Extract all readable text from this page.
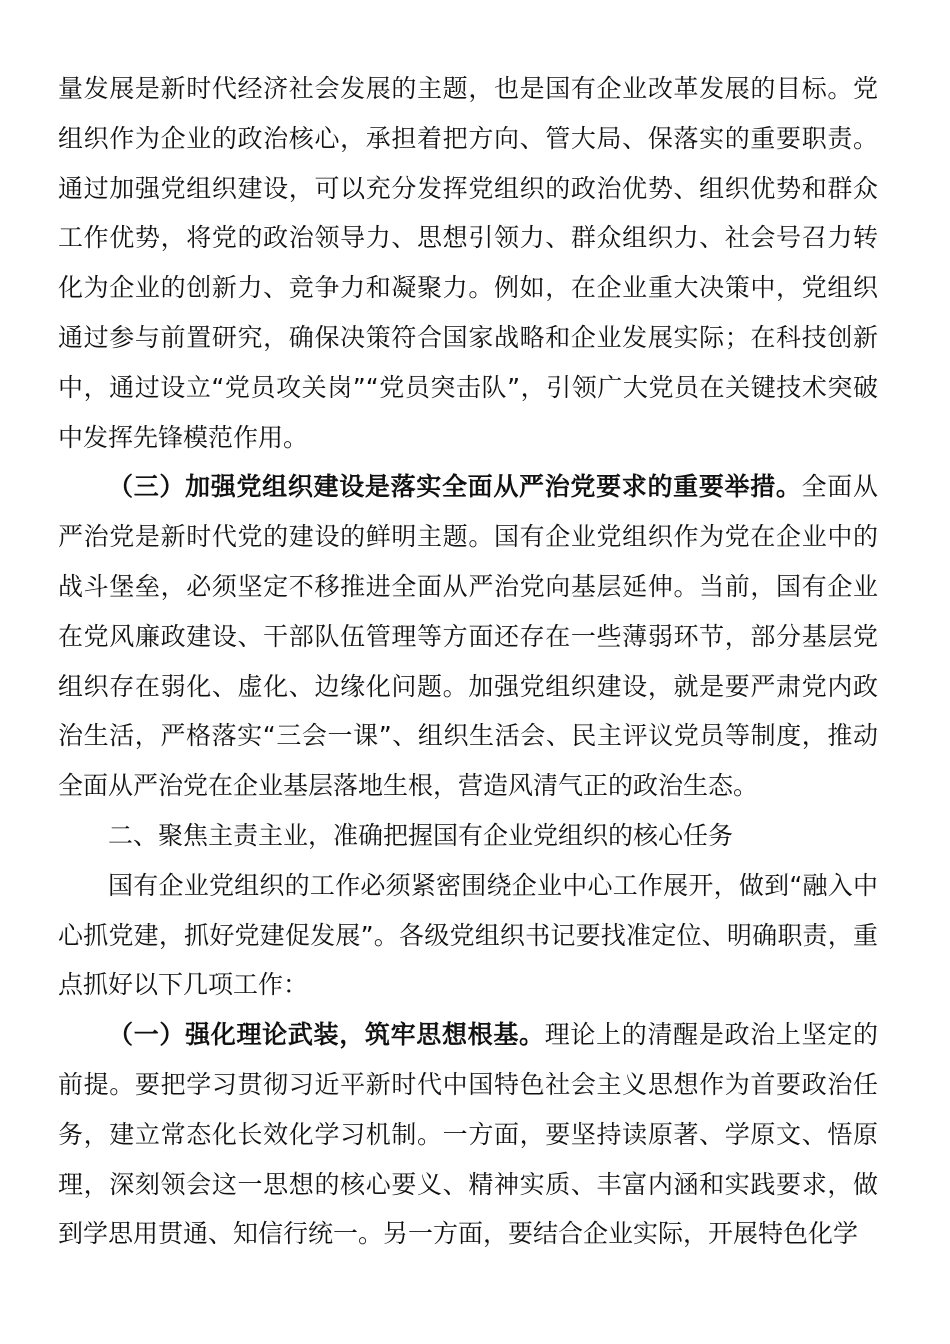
量发展是新时代经济社会发展的主题，也是国有企业改革发展的目标。党组织作为企业的政治核心，承担着把方向、管大局、保落实的重要职责。通过加强党组织建设，可以充分发挥党组织的政治优势、组织优势和群众工作优势，将党的政治领导力、思想引领力、群众组织力、社会号召力转化为企业的创新力、竞争力和凝聚力。例如，在企业重大决策中，党组织通过参与前置研究，确保决策符合国家战略和企业发展实际；在科技创新中，通过设立“党员攻关岗”“党员突击队”，引领广大党员在关键技术突破中发挥先锋模范作用。

（三）加强党组织建设是落实全面从严治党要求的重要举措。全面从严治党是新时代党的建设的鲜明主题。国有企业党组织作为党在企业中的战斗堡垒，必须坚定不移推进全面从严治党向基层延伸。当前，国有企业在党风廉政建设、干部队伍管理等方面还存在一些薄弱环节，部分基层党组织存在弱化、虚化、边缘化问题。加强党组织建设，就是要严肃党内政治生活，严格落实“三会一课”、组织生活会、民主评议党员等制度，推动全面从严治党在企业基层落地生根，营造风清气正的政治生态。

二、聚焦主责主业，准确把握国有企业党组织的核心任务

国有企业党组织的工作必须紧密围绕企业中心工作展开，做到“融入中心抓党建，抓好党建促发展”。各级党组织书记要找准定位、明确职责，重点抓好以下几项工作：

（一）强化理论武装，筑牢思想根基。理论上的清醒是政治上坚定的前提。要把学习贯彻习近平新时代中国特色社会主义思想作为首要政治任务，建立常态化长效化学习机制。一方面，要坚持读原著、学原文、悟原理，深刻领会这一思想的核心要义、精神实质、丰富内涵和实践要求，做到学思用贯通、知信行统一。另一方面，要结合企业实际，开展特色化学
